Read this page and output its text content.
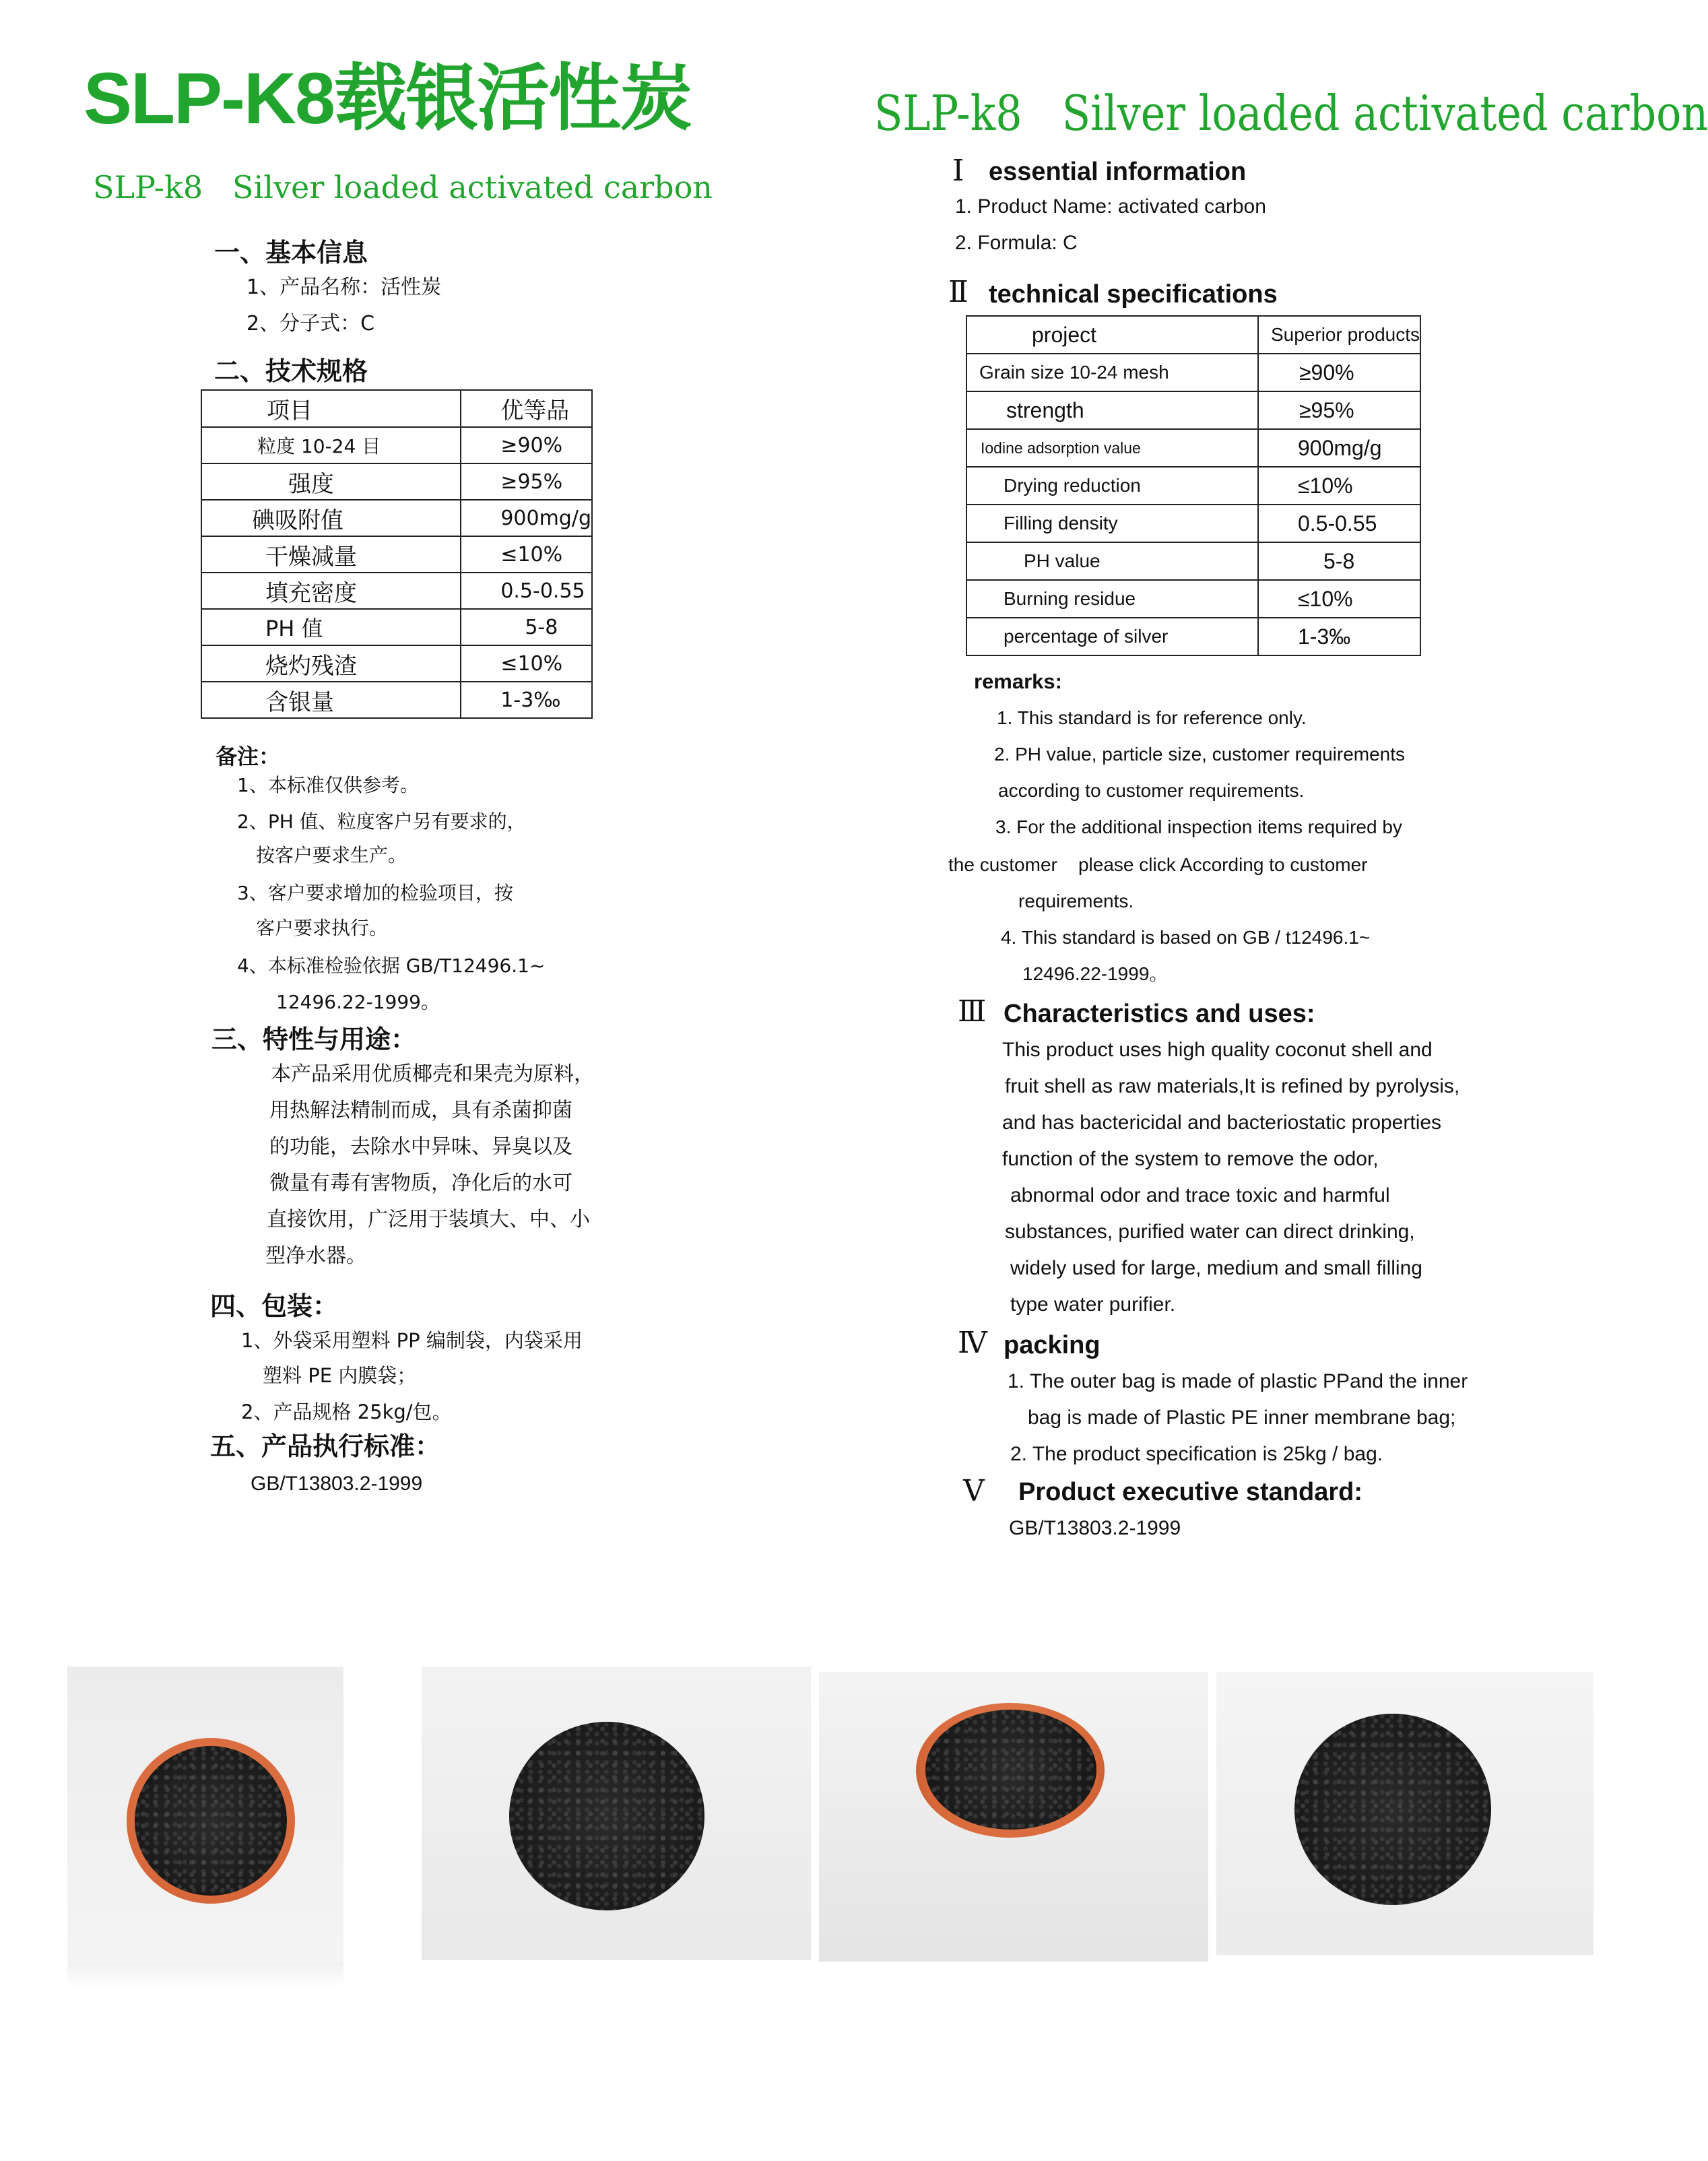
SLP-K8载银活性炭
SLP-k8   Silver loaded activated carbon
一、基本信息
1、产品名称：活性炭
2、分子式：C
二、技术规格
项目	优等品
粒度 10-24 目	≥90%
强度	≥95%
碘吸附值	900mg/g
干燥减量	≤10%
填充密度	0.5-0.55
PH 值	5-8
烧灼残渣	≤10%
含银量	1-3‰
备注：
1、本标准仅供参考。
2、PH 值、粒度客户另有要求的，
按客户要求生产。
3、客户要求增加的检验项目，按
客户要求执行。
4、本标准检验依据 GB/T12496.1~
12496.22-1999。
三、特性与用途：
本产品采用优质椰壳和果壳为原料，
用热解法精制而成，具有杀菌抑菌
的功能，去除水中异味、异臭以及
微量有毒有害物质，净化后的水可
直接饮用，广泛用于装填大、中、小
型净水器。
四、包装：
1、外袋采用塑料 PP 编制袋，内袋采用
塑料 PE 内膜袋；
2、产品规格 25kg/包。
五、产品执行标准：
GB/T13803.2-1999
SLP-k8   Silver loaded activated carbon
Ⅰ essential information
1. Product Name: activated carbon
2. Formula: C
Ⅱ technical specifications
project	Superior products
Grain size 10-24 mesh	≥90%
strength	≥95%
Iodine adsorption value	900mg/g
Drying reduction	≤10%
Filling density	0.5-0.55
PH value	5-8
Burning residue	≤10%
percentage of silver	1-3‰
remarks:
1. This standard is for reference only.
2. PH value, particle size, customer requirements
according to customer requirements.
3. For the additional inspection items required by
the customer    please click According to customer
requirements.
4. This standard is based on GB / t12496.1~
12496.22-1999。
Ⅲ Characteristics and uses:
This product uses high quality coconut shell and
fruit shell as raw materials,It is refined by pyrolysis,
and has bactericidal and bacteriostatic properties
function of the system to remove the odor,
abnormal odor and trace toxic and harmful
substances, purified water can direct drinking,
widely used for large, medium and small filling
type water purifier.
Ⅳ packing
1. The outer bag is made of plastic PPand the inner
bag is made of Plastic PE inner membrane bag;
2. The product specification is 25kg / bag.
Ⅴ Product executive standard:
GB/T13803.2-1999
